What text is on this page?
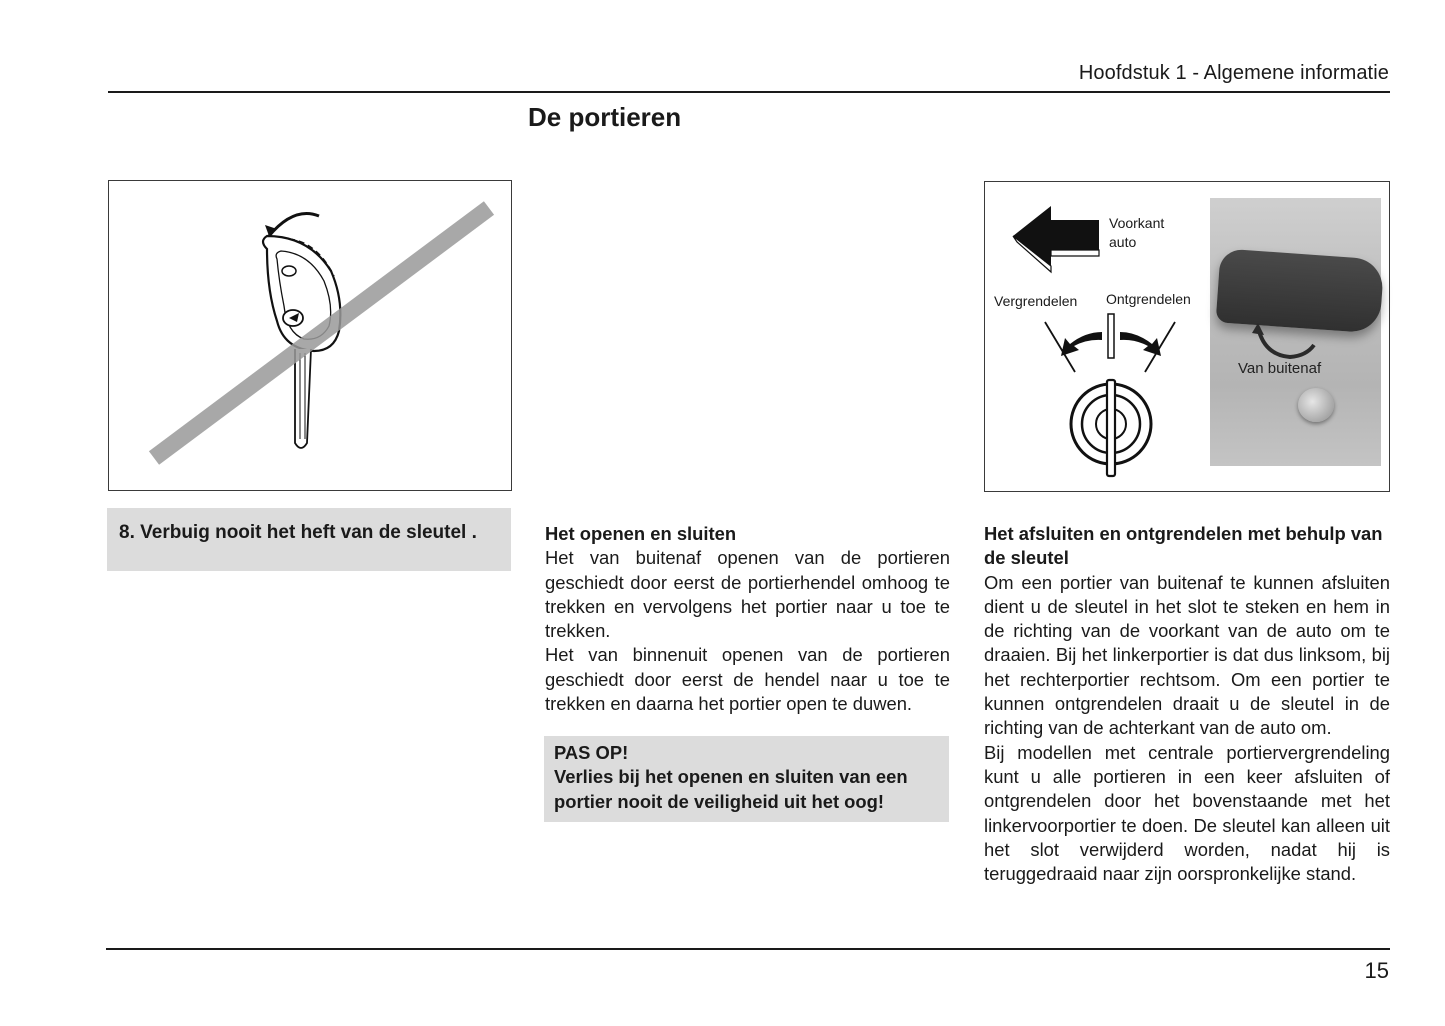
Hoofdstuk 1 - Algemene informatie
De portieren
8. Verbuig nooit het heft van de sleutel .
Voorkant
auto
Vergrendelen Ontgrendelen
Van buitenaf
Het openen en sluiten

Het van buitenaf openen van de portieren geschiedt door eerst de portierhendel omhoog te trekken en vervolgens het portier naar u toe te trekken.

Het van binnenuit openen van de portieren geschiedt door eerst de hendel naar u toe te trekken en daarna het portier open te duwen.

PAS OP!
Verlies bij het openen en sluiten van een portier nooit de veiligheid uit het oog!
Het afsluiten en ontgrendelen met behulp van de sleutel

Om een portier van buitenaf te kunnen afsluiten dient u de sleutel in het slot te steken en hem in de richting van de voorkant van de auto om te draaien. Bij het linkerportier is dat dus linksom, bij het rechterportier rechtsom. Om een portier te kunnen ontgrendelen draait u de sleutel in de richting van de achterkant van de auto om.

Bij modellen met centrale portiervergrendeling kunt u alle portieren in een keer afsluiten of ontgrendelen door het bovenstaande met het linkervoorportier te doen. De sleutel kan alleen uit het slot verwijderd worden, nadat hij is teruggedraaid naar zijn oorspronkelijke stand.

15
